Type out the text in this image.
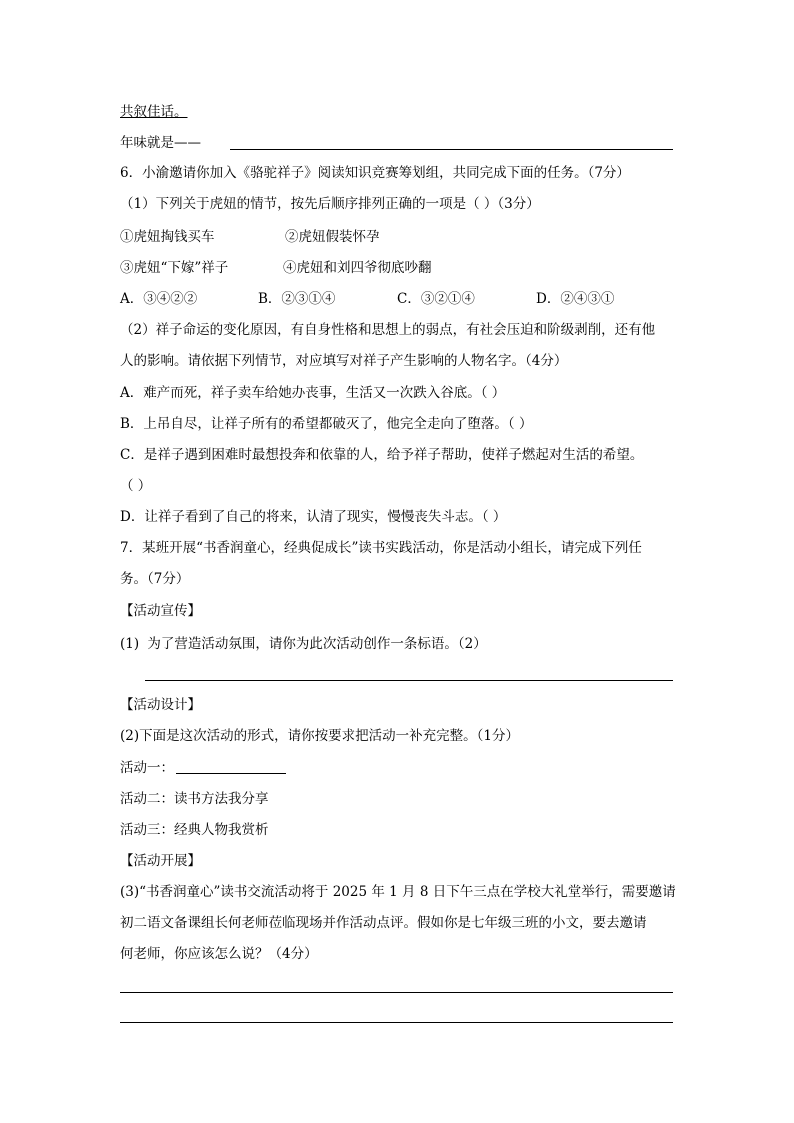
共叙佳话。
年味就是——
6．小渝邀请你加入《骆驼祥子》阅读知识竞赛筹划组，共同完成下面的任务。（7分）
（1）下列关于虎妞的情节，按先后顺序排列正确的一项是（ ）（3分）
①虎妞掏钱买车	②虎妞假装怀孕
③虎妞“下嫁”祥子	④虎妞和刘四爷彻底吵翻
A．③④②②	B．②③①④	C．③②①④	D．②④③①
（2）祥子命运的变化原因，有自身性格和思想上的弱点，有社会压迫和阶级剥削，还有他
人的影响。请依据下列情节，对应填写对祥子产生影响的人物名字。（4分）
A．难产而死，祥子卖车给她办丧事，生活又一次跌入谷底。（ ）
B．上吊自尽，让祥子所有的希望都破灭了，他完全走向了堕落。（ ）
C．是祥子遇到困难时最想投奔和依靠的人，给予祥子帮助，使祥子燃起对生活的希望。
（ ）
D．让祥子看到了自己的将来，认清了现实，慢慢丧失斗志。（ ）
7．某班开展“书香润童心，经典促成长”读书实践活动，你是活动小组长，请完成下列任
务。（7分）
【活动宣传】
(1) 为了营造活动氛围，请你为此次活动创作一条标语。（2）
【活动设计】
(2)下面是这次活动的形式，请你按要求把活动一补充完整。（1分）
活动一：
活动二：读书方法我分享
活动三：经典人物我赏析
【活动开展】
(3)“书香润童心”读书交流活动将于 2025 年 1 月 8 日下午三点在学校大礼堂举行，需要邀请
初二语文备课组长何老师莅临现场并作活动点评。假如你是七年级三班的小文，要去邀请
何老师，你应该怎么说？（4分）
